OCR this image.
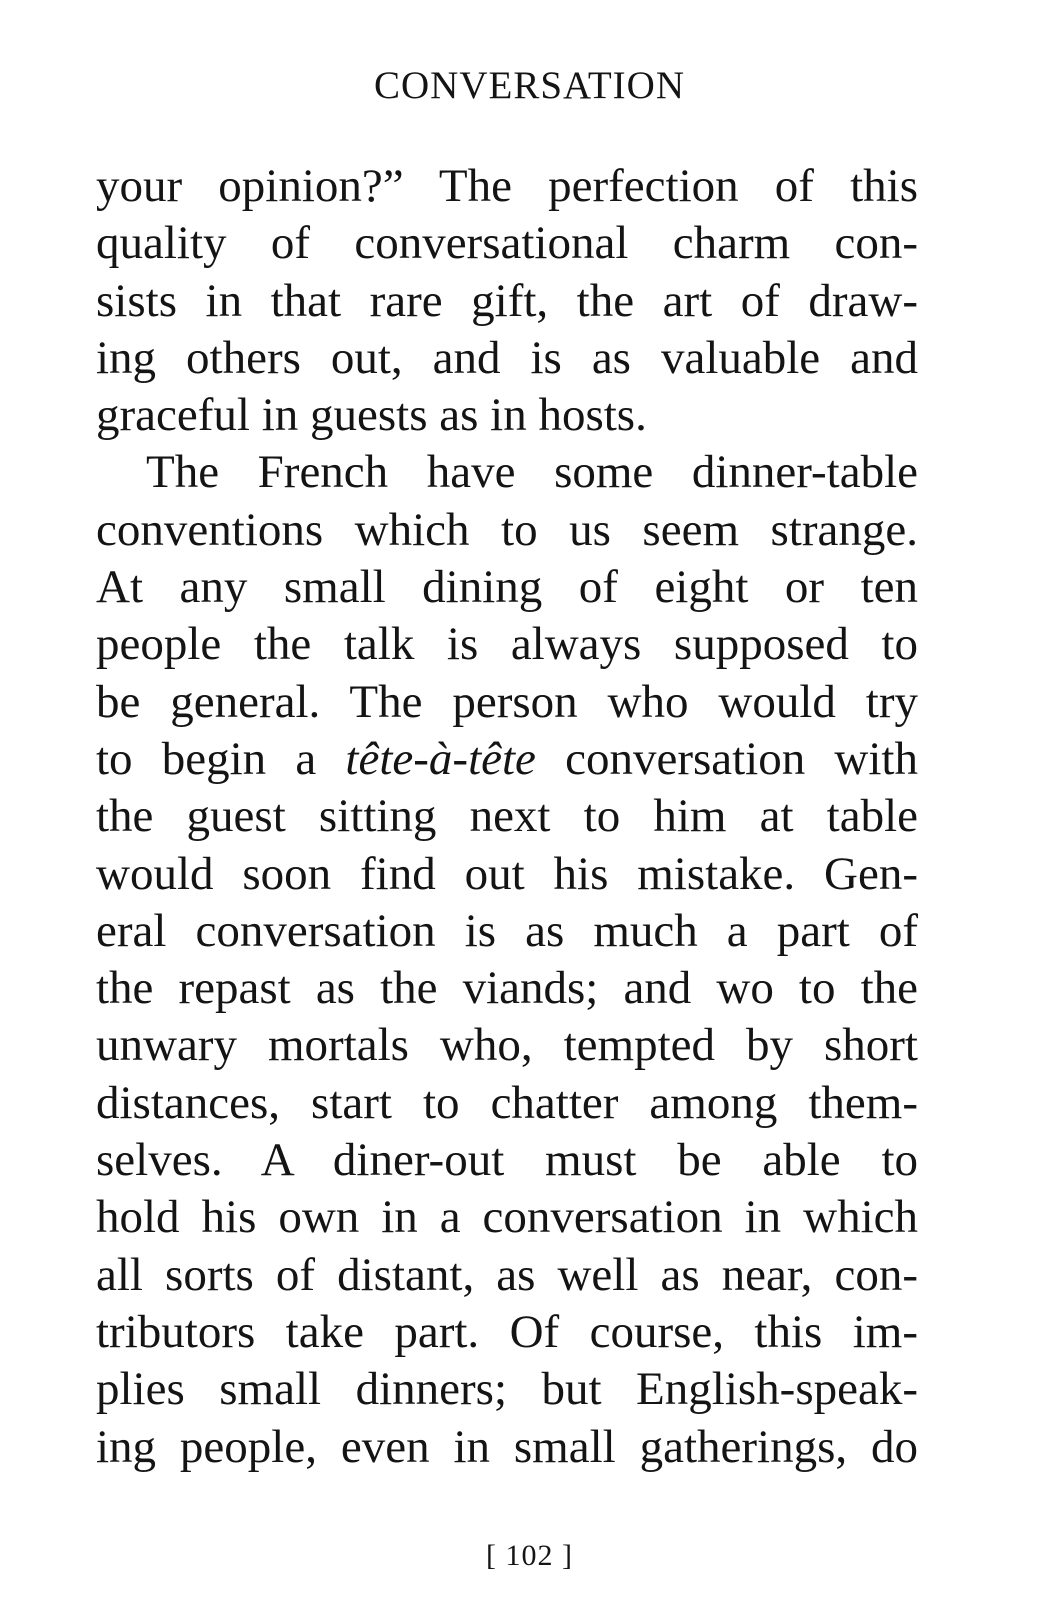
CONVERSATION
your opinion?” The perfection of this
quality of conversational charm con-
sists in that rare gift, the art of draw-
ing others out, and is as valuable and
graceful in guests as in hosts.
The French have some dinner-table
conventions which to us seem strange.
At any small dining of eight or ten
people the talk is always supposed to
be general. The person who would try
to begin a tête-à-tête conversation with
the guest sitting next to him at table
would soon find out his mistake. Gen-
eral conversation is as much a part of
the repast as the viands; and wo to the
unwary mortals who, tempted by short
distances, start to chatter among them-
selves. A diner-out must be able to
hold his own in a conversation in which
all sorts of distant, as well as near, con-
tributors take part. Of course, this im-
plies small dinners; but English-speak-
ing people, even in small gatherings, do
[ 102 ]
